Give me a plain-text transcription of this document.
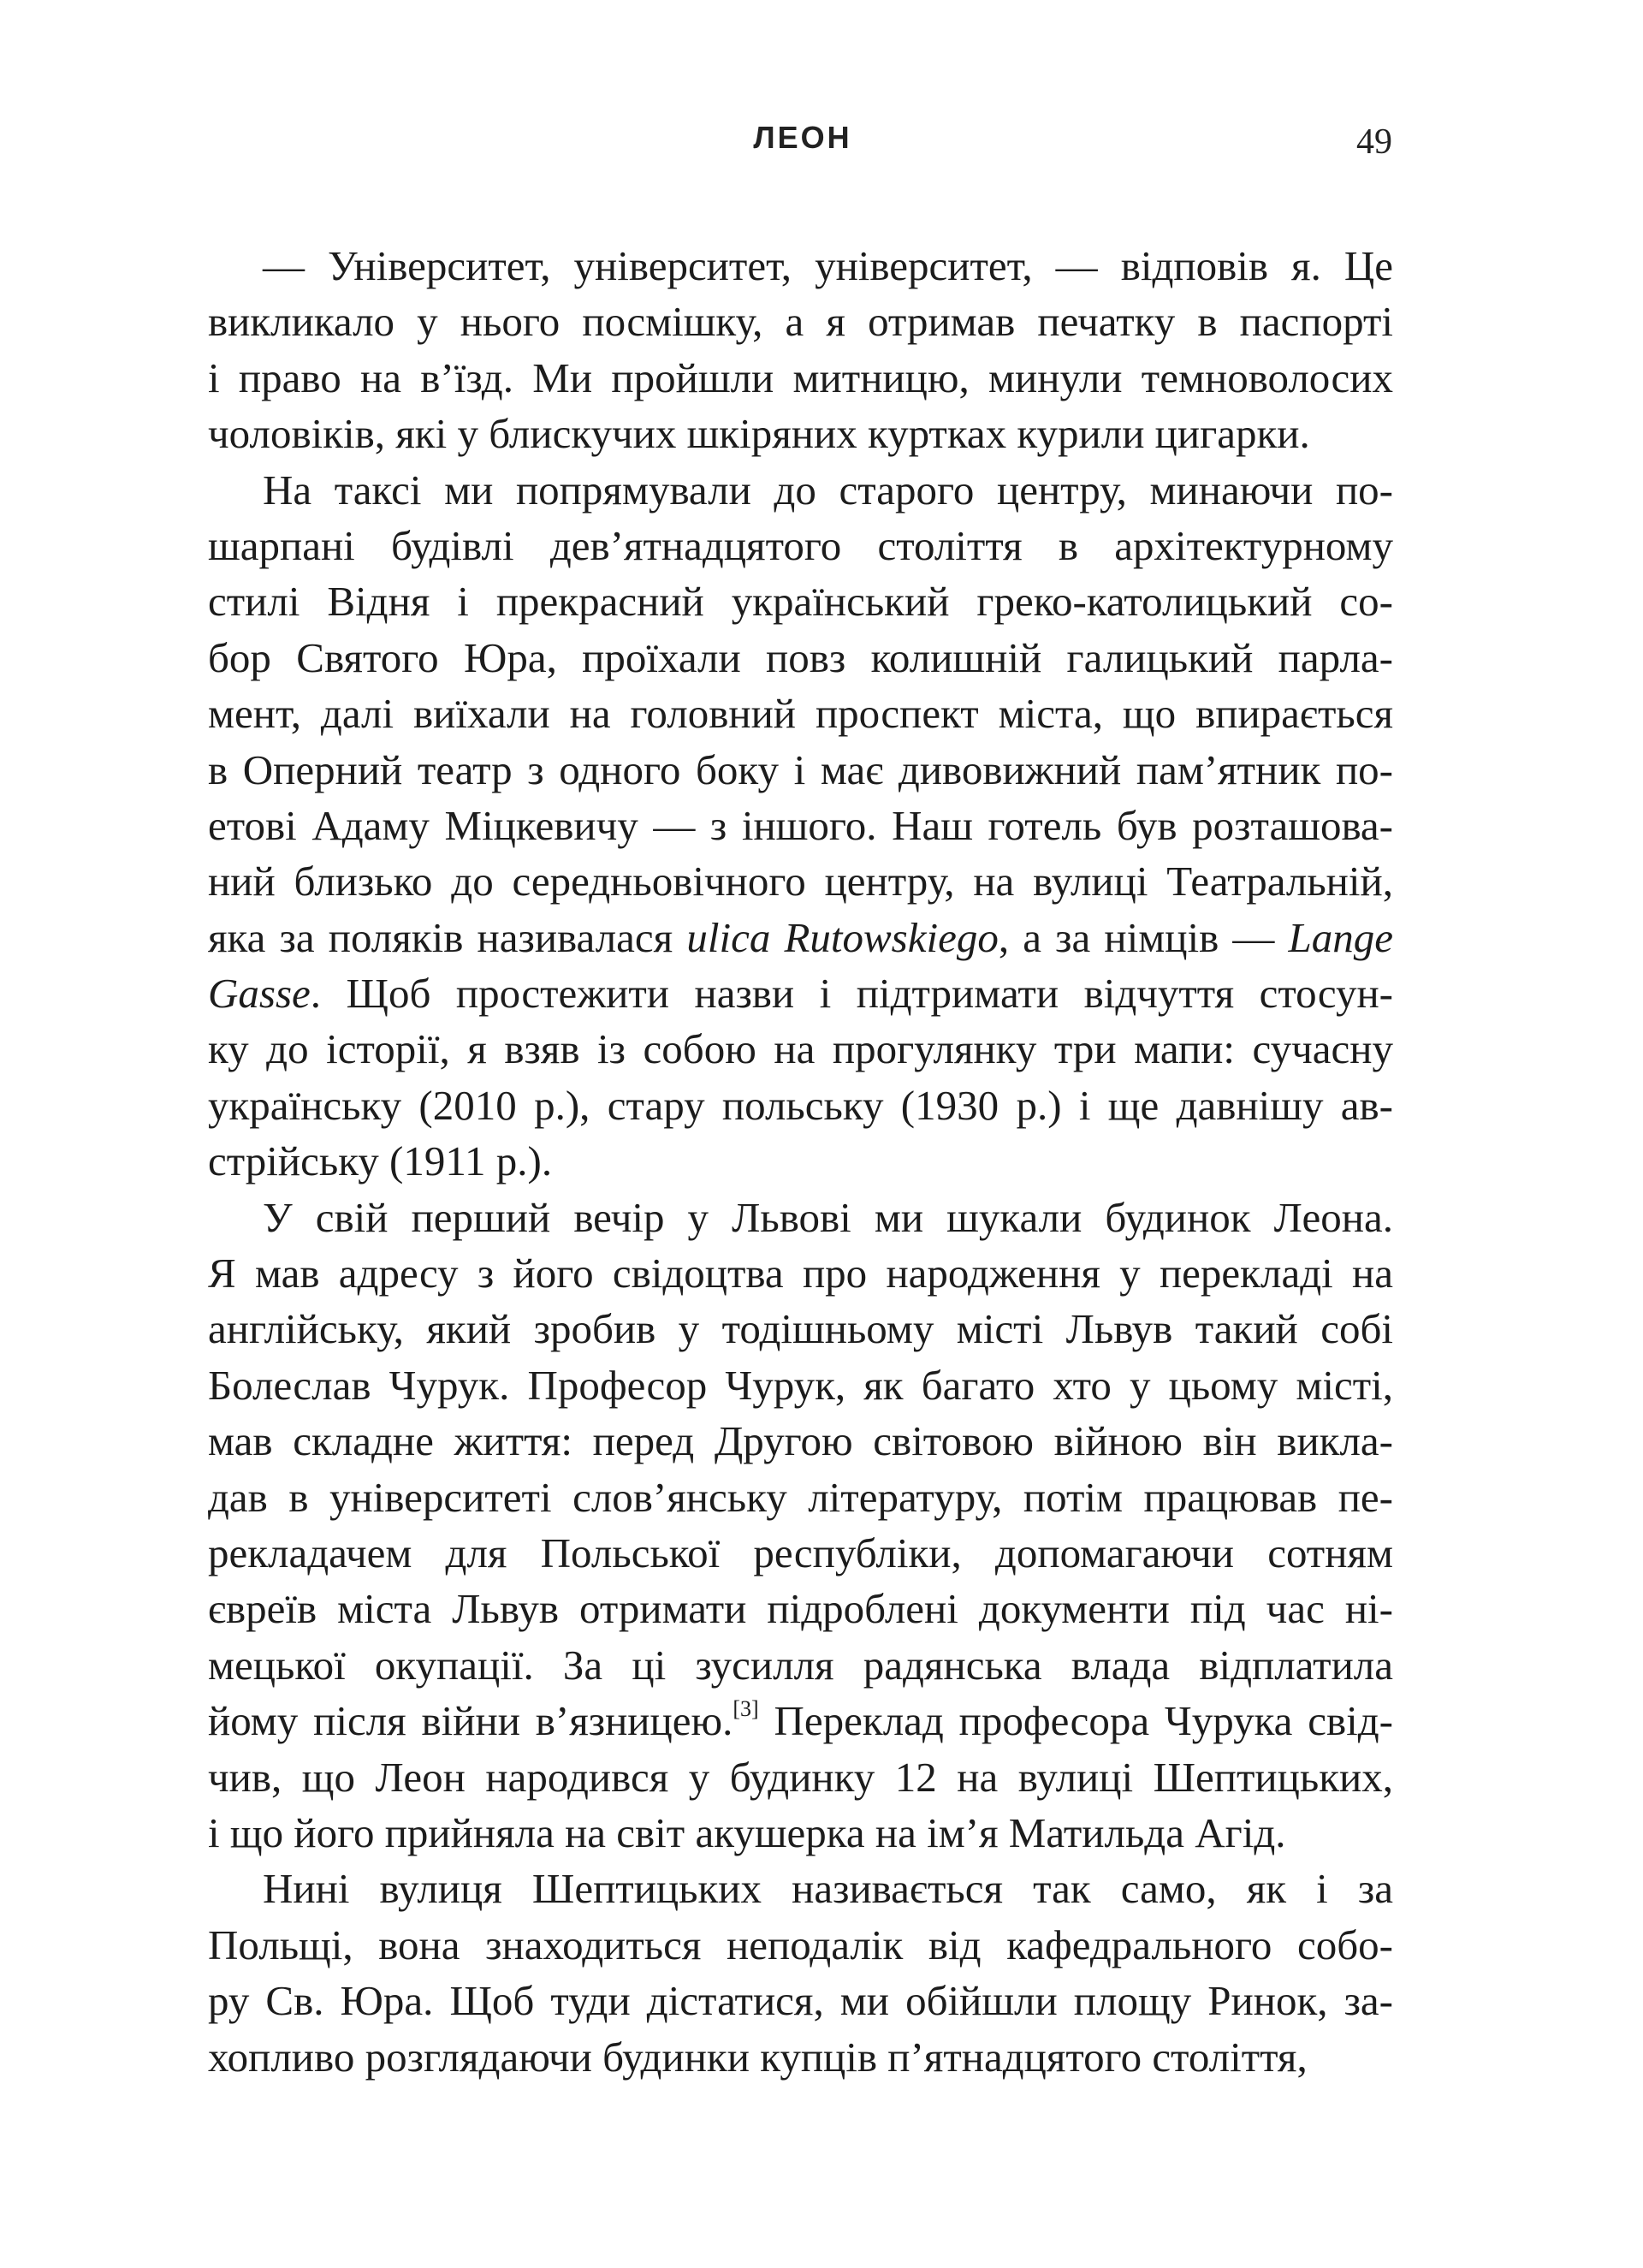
ЛЕОН	49
— Університет, університет, університет, — відповів я. Це
викликало у нього посмішку, а я отримав печатку в паспорті
і право на в’їзд. Ми пройшли митницю, минули темноволосих
чоловіків, які у блискучих шкіряних куртках курили цигарки.
На таксі ми попрямували до старого центру, минаючи по-
шарпані будівлі дев’ятнадцятого століття в архітектурному
стилі Відня і прекрасний український греко-католицький со-
бор Святого Юра, проїхали повз колишній галицький парла-
мент, далі виїхали на головний проспект міста, що впирається
в Оперний театр з одного боку і має дивовижний пам’ятник по-
етові Адаму Міцкевичу — з іншого. Наш готель був розташова-
ний близько до середньовічного центру, на вулиці Театральній,
яка за поляків називалася ulica Rutowskiego, а за німців — Lange
Gasse. Щоб простежити назви і підтримати відчуття стосун-
ку до історії, я взяв із собою на прогулянку три мапи: сучасну
українську (2010 р.), стару польську (1930 р.) і ще давнішу ав-
стрійську (1911 р.).
У свій перший вечір у Львові ми шукали будинок Леона.
Я мав адресу з його свідоцтва про народження у перекладі на
англійську, який зробив у тодішньому місті Львув такий собі
Болеслав Чурук. Професор Чурук, як багато хто у цьому місті,
мав складне життя: перед Другою світовою війною він викла-
дав в університеті слов’янську літературу, потім працював пе-
рекладачем для Польської республіки, допомагаючи сотням
євреїв міста Львув отримати підроблені документи під час ні-
мецької окупації. За ці зусилля радянська влада відплатила
йому після війни в’язницею.[3] Переклад професора Чурука свід-
чив, що Леон народився у будинку 12 на вулиці Шептицьких,
і що його прийняла на світ акушерка на ім’я Матильда Агід.
Нині вулиця Шептицьких називається так само, як і за
Польщі, вона знаходиться неподалік від кафедрального собо-
ру Св. Юра. Щоб туди дістатися, ми обійшли площу Ринок, за-
хопливо розглядаючи будинки купців п’ятнадцятого століття,
